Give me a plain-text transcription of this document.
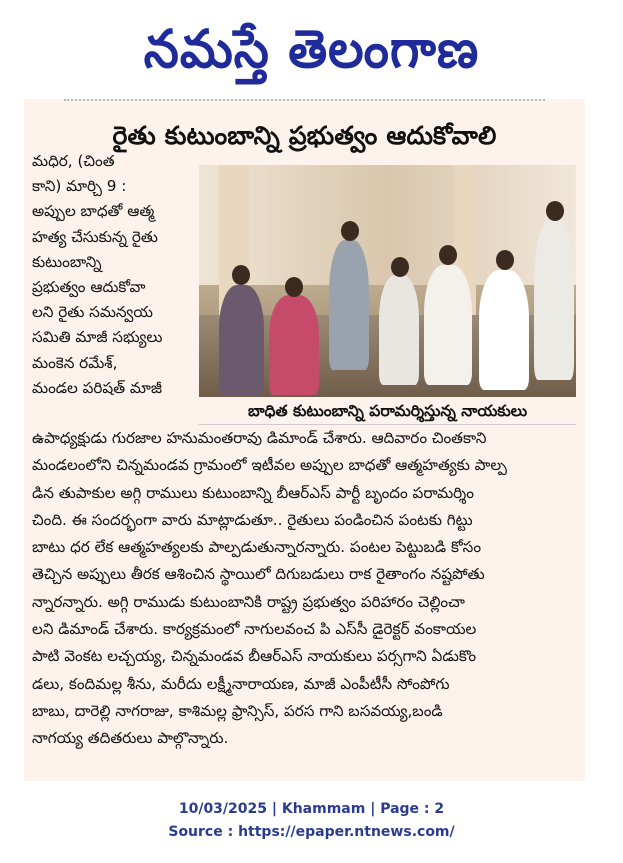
నమస్తే తెలంగాణ
రైతు కుటుంబాన్ని ప్రభుత్వం ఆదుకోవాలి
మధిర, (చింత
కాని) మార్చి 9 :
అప్పుల బాధతో ఆత్మ
హత్య చేసుకున్న రైతు
కుటుంబాన్ని
ప్రభుత్వం ఆదుకోవా
లని రైతు సమన్వయ
సమితి మాజీ సభ్యులు
మంకెన రమేశ్,
మండల పరిషత్ మాజీ
బాధిత కుటుంబాన్ని పరామర్శిస్తున్న నాయకులు
ఉపాధ్యక్షుడు గురజాల హనుమంతరావు డిమాండ్ చేశారు. ఆదివారం చింతకాని
మండలంలోని చిన్నమండవ గ్రామంలో ఇటీవల అప్పుల బాధతో ఆత్మహత్యకు పాల్ప
డిన తుపాకుల అగ్గి రాములు కుటుంబాన్ని బీఆర్‌ఎస్ పార్టీ బృందం పరామర్శిం
చింది. ఈ సందర్భంగా వారు మాట్లాడుతూ.. రైతులు పండించిన పంటకు గిట్టు
బాటు ధర లేక ఆత్మహత్యలకు పాల్పడుతున్నారన్నారు. పంటల పెట్టుబడి కోసం
తెచ్చిన అప్పులు తీరక ఆశించిన స్థాయిలో దిగుబడులు రాక రైతాంగం నష్టపోతు
న్నారన్నారు. అగ్గి రాముడు కుటుంబానికి రాష్ట్ర ప్రభుత్వం పరిహారం చెల్లించా
లని డిమాండ్ చేశారు. కార్యక్రమంలో నాగులవంచ పి ఎస్‌సీ డైరెక్టర్ వంకాయల
పాటి వెంకట లచ్చయ్య, చిన్నమండవ బీఆర్‌ఎస్ నాయకులు పర్సగాని ఏడుకొం
డలు, కందిమల్ల శీను, మరీదు లక్ష్మీనారాయణ, మాజీ ఎంపీటీసీ సోంపోగు
బాబు, దారెల్లి నాగరాజు, కాశిమల్ల ఫ్రాన్సిస్, పరస గాని బసవయ్య,బండి
నాగయ్య తదితరులు పాల్గొన్నారు.
10/03/2025 | Khammam | Page : 2
Source : https://epaper.ntnews.com/
